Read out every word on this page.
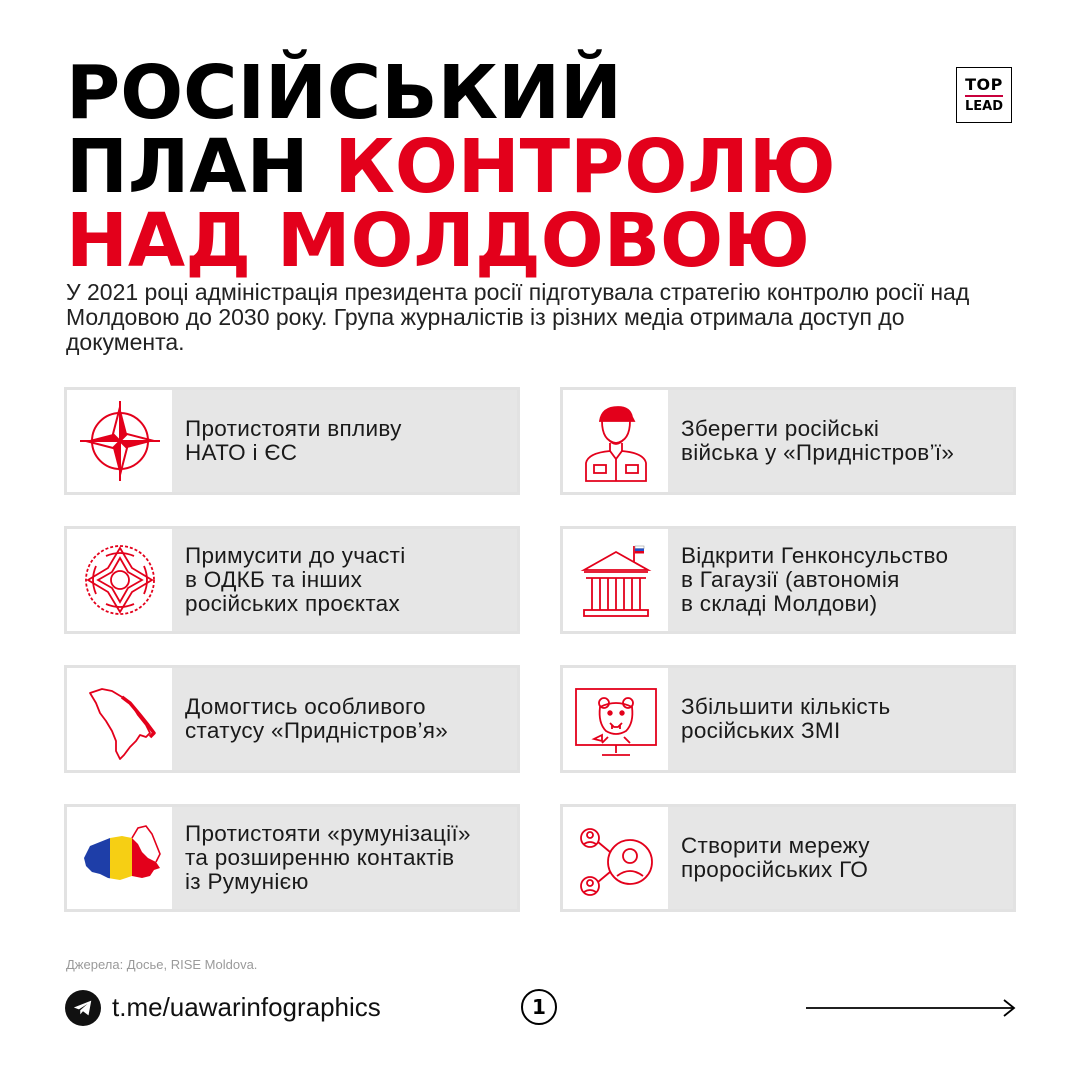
РОСІЙСЬКИЙ
ПЛАН КОНТРОЛЮ
НАД МОЛДОВОЮ
TOP
LEAD

У 2021 році адміністрація президента росії підготувала стратегію контролю росії над Молдовою до 2030 року. Група журналістів із різних медіа отримала доступ до документа.

Протистояти впливу
НАТО і ЄС
Зберегти російські
війська у «Придністров’ї»
Примусити до участі
в ОДКБ та інших
російських проєктах
Відкрити Генконсульство
в Гагаузії (автономія
в складі Молдови)
Домогтись особливого
статусу «Придністров’я»
Збільшити кількість
російських ЗМІ
Протистояти «румунізації»
та розширенню контактів
із Румунією
Створити мережу
проросійських ГО
Джерела: Досье, RISE Moldova.
t.me/uawarinfographics	1
